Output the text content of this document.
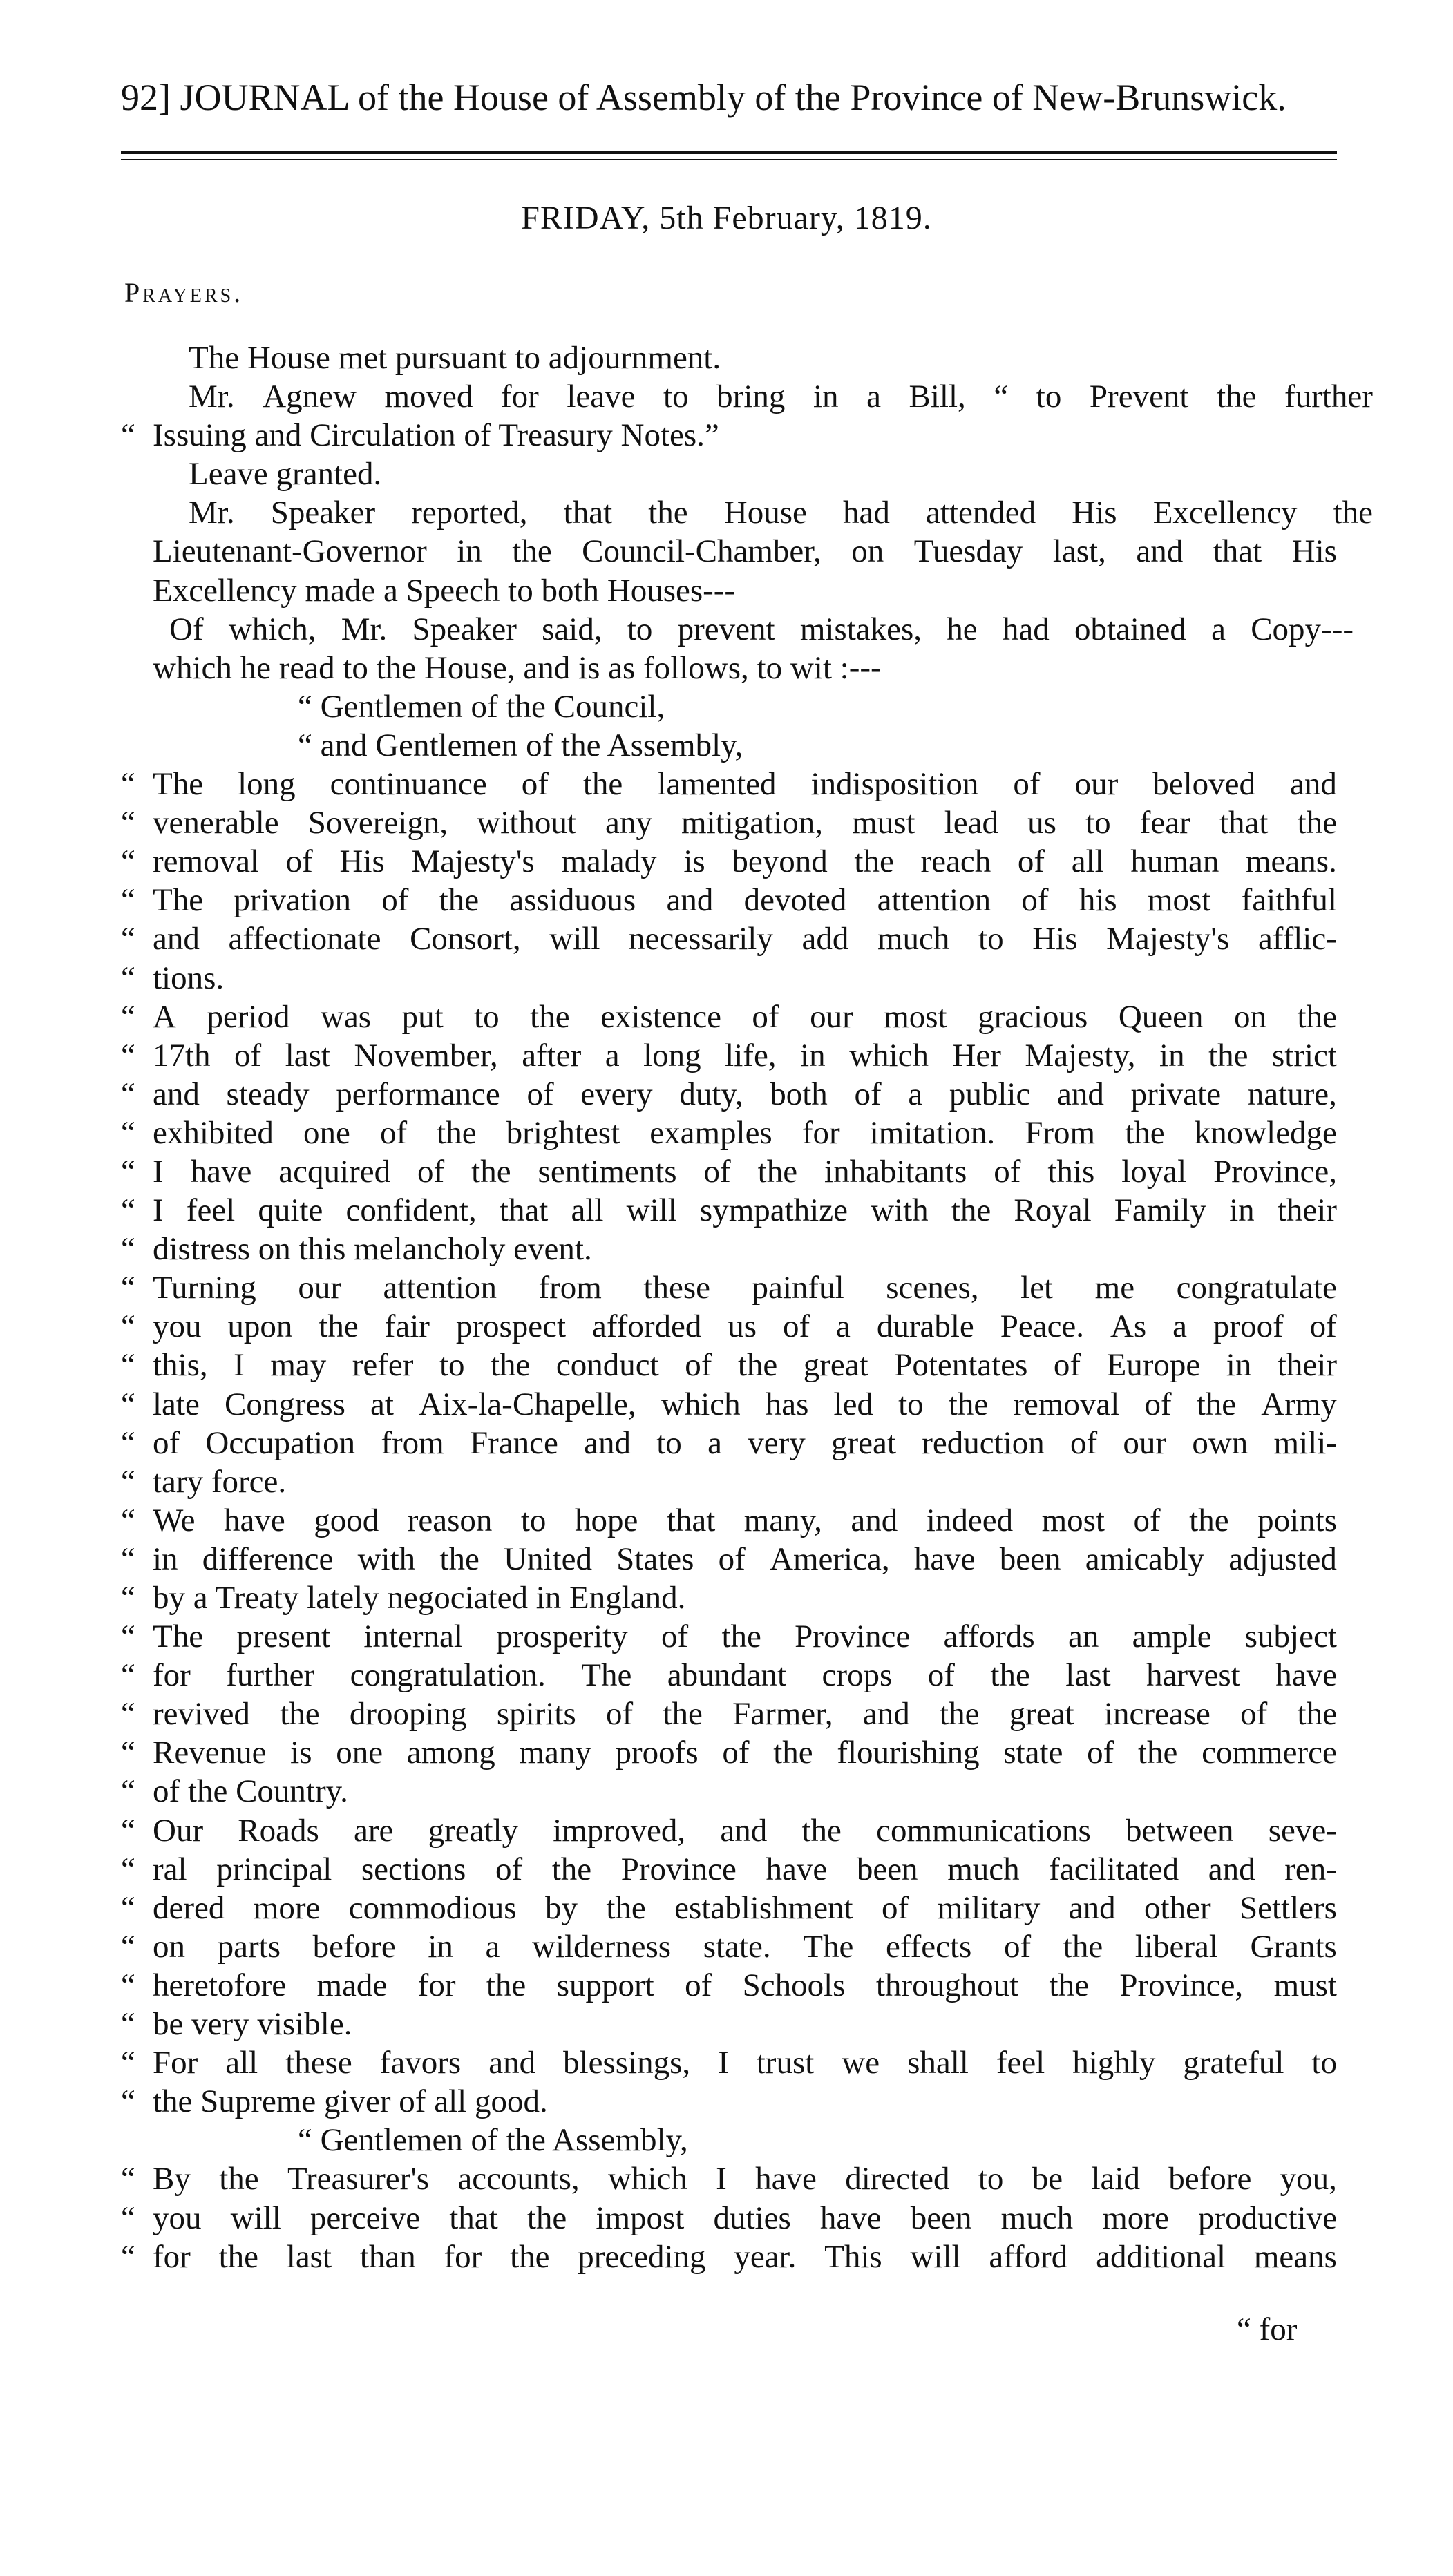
92] JOURNAL of the House of Assembly of the Province of New-Brunswick.
FRIDAY, 5th February, 1819.
Prayers.
The House met pursuant to adjournment.
Mr. Agnew moved for leave to bring in a Bill, “ to Prevent the further
“ Issuing and Circulation of Treasury Notes.”
Leave granted.
Mr. Speaker reported, that the House had attended His Excellency the
Lieutenant-Governor in the Council-Chamber, on Tuesday last, and that His
Excellency made a Speech to both Houses---
Of which, Mr. Speaker said, to prevent mistakes, he had obtained a Copy---
which he read to the House, and is as follows, to wit :---
“ Gentlemen of the Council,
“ and Gentlemen of the Assembly,
“ The long continuance of the lamented indisposition of our beloved and
“ venerable Sovereign, without any mitigation, must lead us to fear that the
“ removal of His Majesty's malady is beyond the reach of all human means.
“ The privation of the assiduous and devoted attention of his most faithful
“ and affectionate Consort, will necessarily add much to His Majesty's afflic-
“ tions.
“ A period was put to the existence of our most gracious Queen on the
“ 17th of last November, after a long life, in which Her Majesty, in the strict
“ and steady performance of every duty, both of a public and private nature,
“ exhibited one of the brightest examples for imitation. From the knowledge
“ I have acquired of the sentiments of the inhabitants of this loyal Province,
“ I feel quite confident, that all will sympathize with the Royal Family in their
“ distress on this melancholy event.
“ Turning our attention from these painful scenes, let me congratulate
“ you upon the fair prospect afforded us of a durable Peace. As a proof of
“ this, I may refer to the conduct of the great Potentates of Europe in their
“ late Congress at Aix-la-Chapelle, which has led to the removal of the Army
“ of Occupation from France and to a very great reduction of our own mili-
“ tary force.
“ We have good reason to hope that many, and indeed most of the points
“ in difference with the United States of America, have been amicably adjusted
“ by a Treaty lately negociated in England.
“ The present internal prosperity of the Province affords an ample subject
“ for further congratulation. The abundant crops of the last harvest have
“ revived the drooping spirits of the Farmer, and the great increase of the
“ Revenue is one among many proofs of the flourishing state of the commerce
“ of the Country.
“ Our Roads are greatly improved, and the communications between seve-
“ ral principal sections of the Province have been much facilitated and ren-
“ dered more commodious by the establishment of military and other Settlers
“ on parts before in a wilderness state. The effects of the liberal Grants
“ heretofore made for the support of Schools throughout the Province, must
“ be very visible.
“ For all these favors and blessings, I trust we shall feel highly grateful to
“ the Supreme giver of all good.
“ Gentlemen of the Assembly,
“ By the Treasurer's accounts, which I have directed to be laid before you,
“ you will perceive that the impost duties have been much more productive
“ for the last than for the preceding year. This will afford additional means
“ for
